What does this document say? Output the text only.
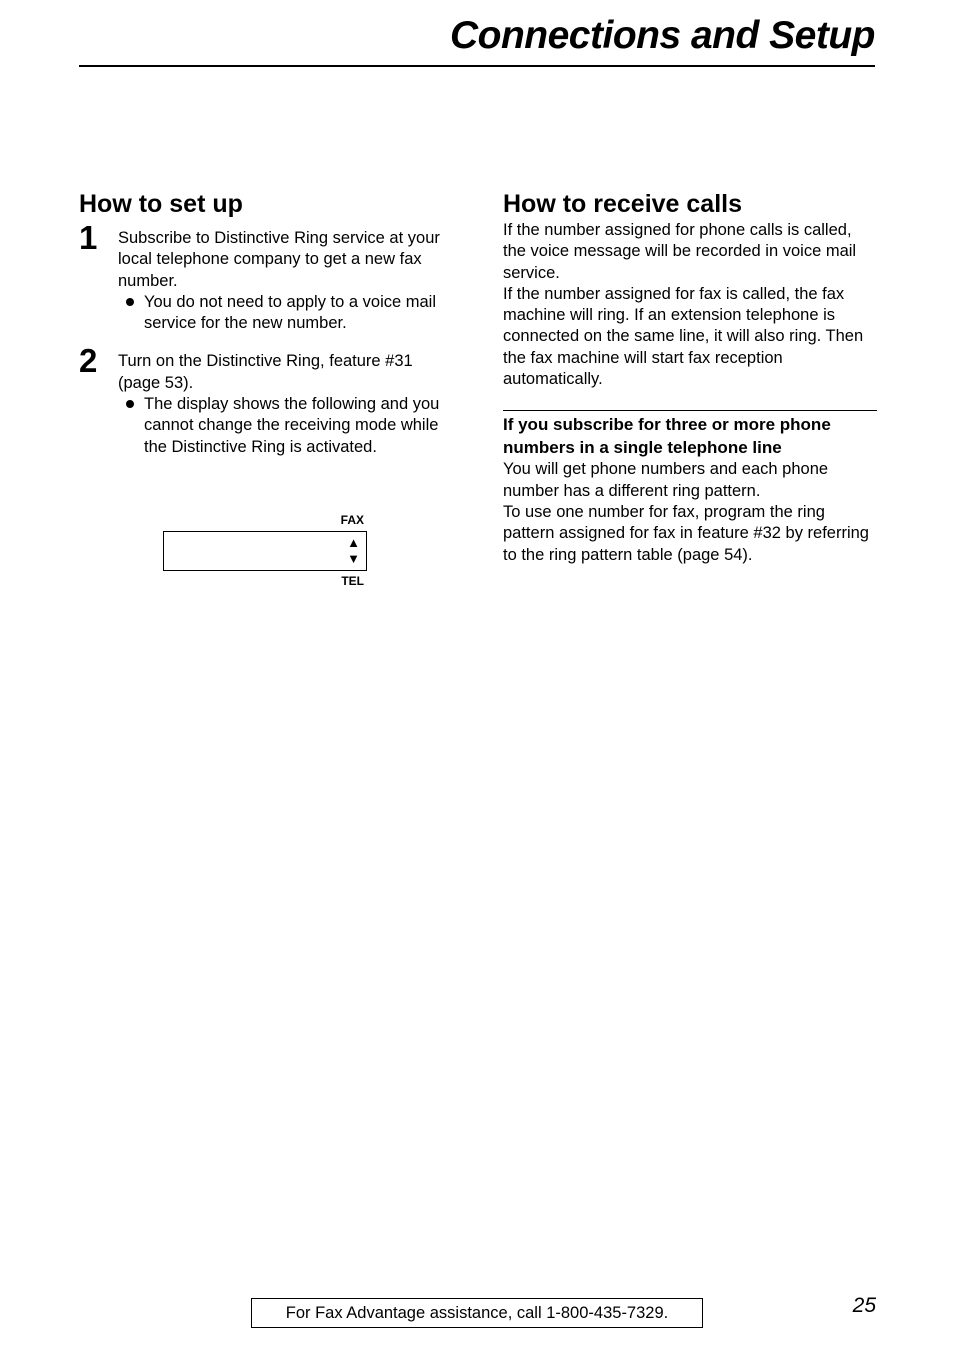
Connections and Setup
How to set up
1 Subscribe to Distinctive Ring service at your local telephone company to get a new fax number.

You do not need to apply to a voice mail service for the new number.

2 Turn on the Distinctive Ring, feature #31 (page 53).

The display shows the following and you cannot change the receiving mode while the Distinctive Ring is activated.

FAX
▲
▼
TEL
How to receive calls

If the number assigned for phone calls is called, the voice message will be recorded in voice mail service.

If the number assigned for fax is called, the fax machine will ring. If an extension telephone is connected on the same line, it will also ring. Then the fax machine will start fax reception automatically.

If you subscribe for three or more phone numbers in a single telephone line

You will get phone numbers and each phone number has a different ring pattern.

To use one number for fax, program the ring pattern assigned for fax in feature #32 by referring to the ring pattern table (page 54).

For Fax Advantage assistance, call 1-800-435-7329.	25
